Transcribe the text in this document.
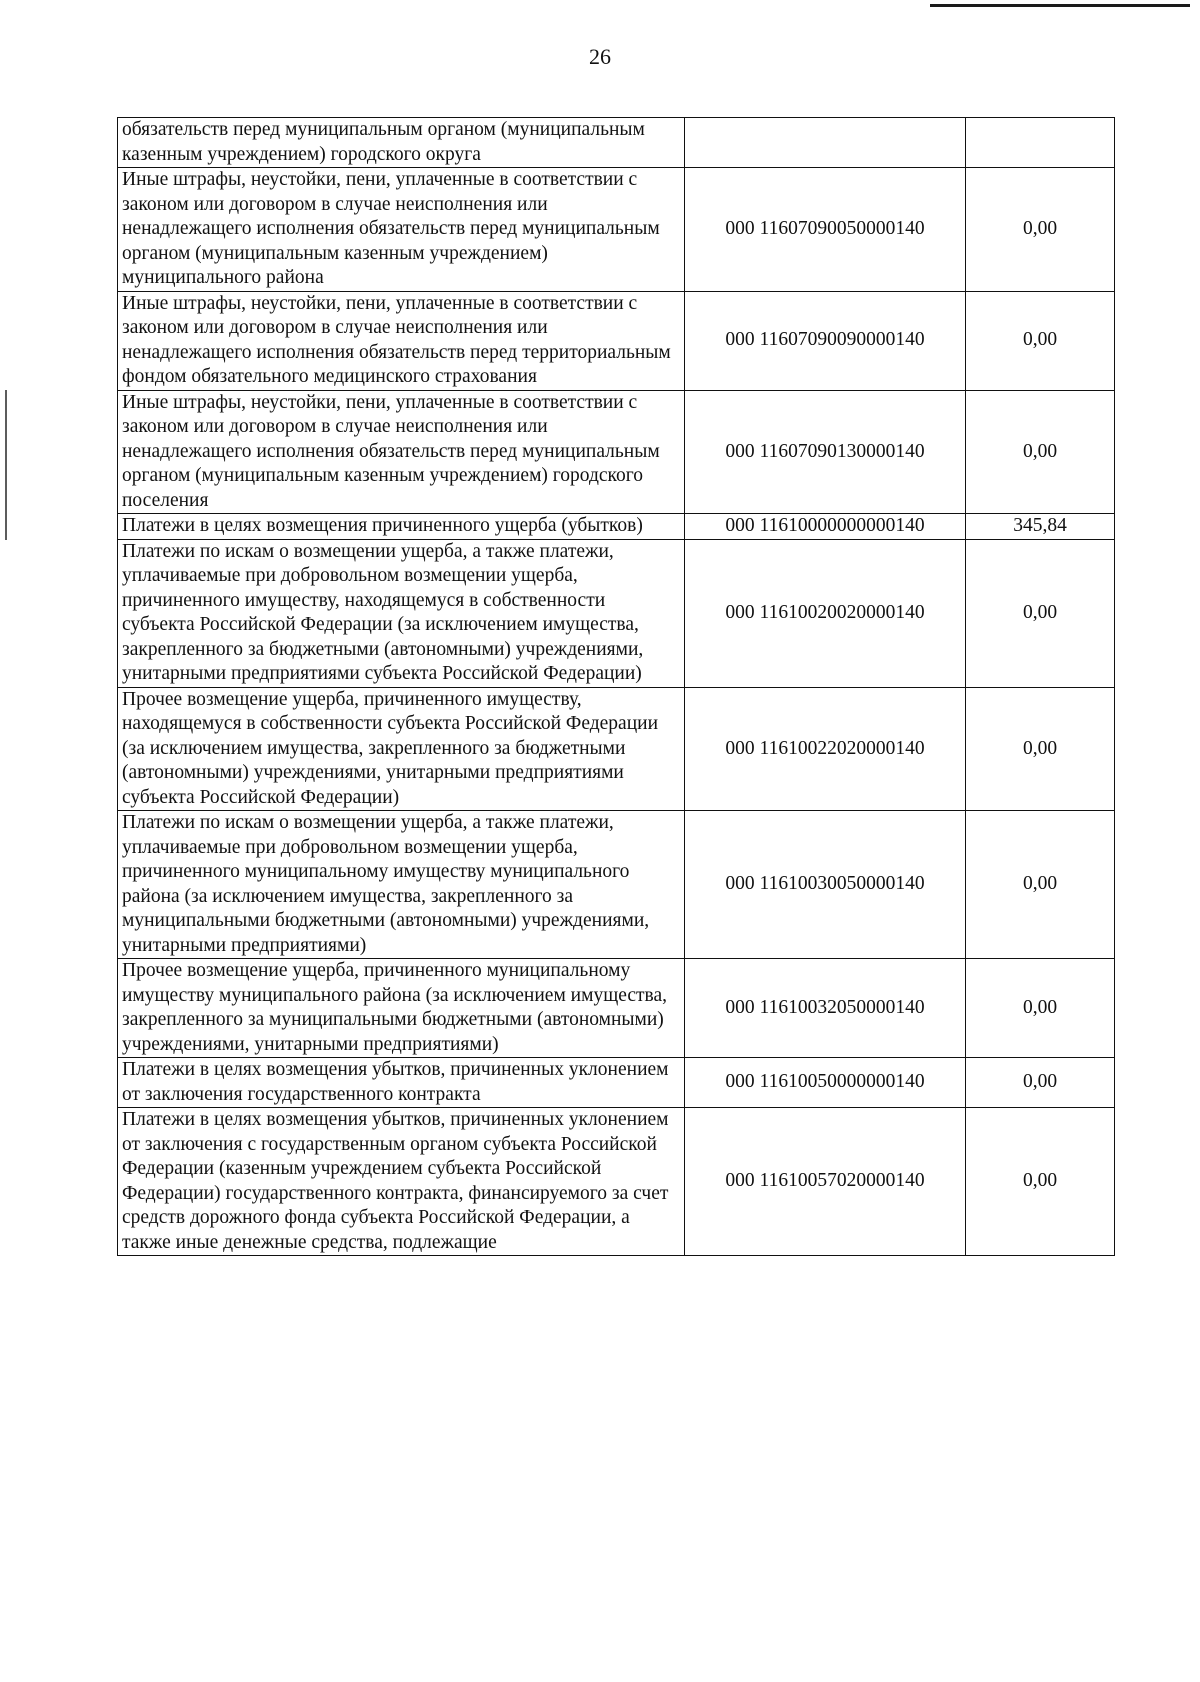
26
обязательств перед муниципальным органом (муниципальным казенным учреждением) городского округа		
Иные штрафы, неустойки, пени, уплаченные в соответствии с законом или договором в случае неисполнения или ненадлежащего исполнения обязательств перед муниципальным органом (муниципальным казенным учреждением) муниципального района	000 11607090050000140	0,00
Иные штрафы, неустойки, пени, уплаченные в соответствии с законом или договором в случае неисполнения или ненадлежащего исполнения обязательств перед территориальным фондом обязательного медицинского страхования	000 11607090090000140	0,00
Иные штрафы, неустойки, пени, уплаченные в соответствии с законом или договором в случае неисполнения или ненадлежащего исполнения обязательств перед муниципальным органом (муниципальным казенным учреждением) городского поселения	000 11607090130000140	0,00
Платежи в целях возмещения причиненного ущерба (убытков)	000 11610000000000140	345,84
Платежи по искам о возмещении ущерба, а также платежи, уплачиваемые при добровольном возмещении ущерба, причиненного имуществу, находящемуся в собственности субъекта Российской Федерации (за исключением имущества, закрепленного за бюджетными (автономными) учреждениями, унитарными предприятиями субъекта Российской Федерации)	000 11610020020000140	0,00
Прочее возмещение ущерба, причиненного имуществу, находящемуся в собственности субъекта Российской Федерации (за исключением имущества, закрепленного за бюджетными (автономными) учреждениями, унитарными предприятиями субъекта Российской Федерации)	000 11610022020000140	0,00
Платежи по искам о возмещении ущерба, а также платежи, уплачиваемые при добровольном возмещении ущерба, причиненного муниципальному имуществу муниципального района (за исключением имущества, закрепленного за муниципальными бюджетными (автономными) учреждениями, унитарными предприятиями)	000 11610030050000140	0,00
Прочее возмещение ущерба, причиненного муниципальному имуществу муниципального района (за исключением имущества, закрепленного за муниципальными бюджетными (автономными) учреждениями, унитарными предприятиями)	000 11610032050000140	0,00
Платежи в целях возмещения убытков, причиненных уклонением от заключения государственного контракта	000 11610050000000140	0,00
Платежи в целях возмещения убытков, причиненных уклонением от заключения с государственным органом субъекта Российской Федерации (казенным учреждением субъекта Российской Федерации) государственного контракта, финансируемого за счет средств дорожного фонда субъекта Российской Федерации, а также иные денежные средства, подлежащие	000 11610057020000140	0,00
